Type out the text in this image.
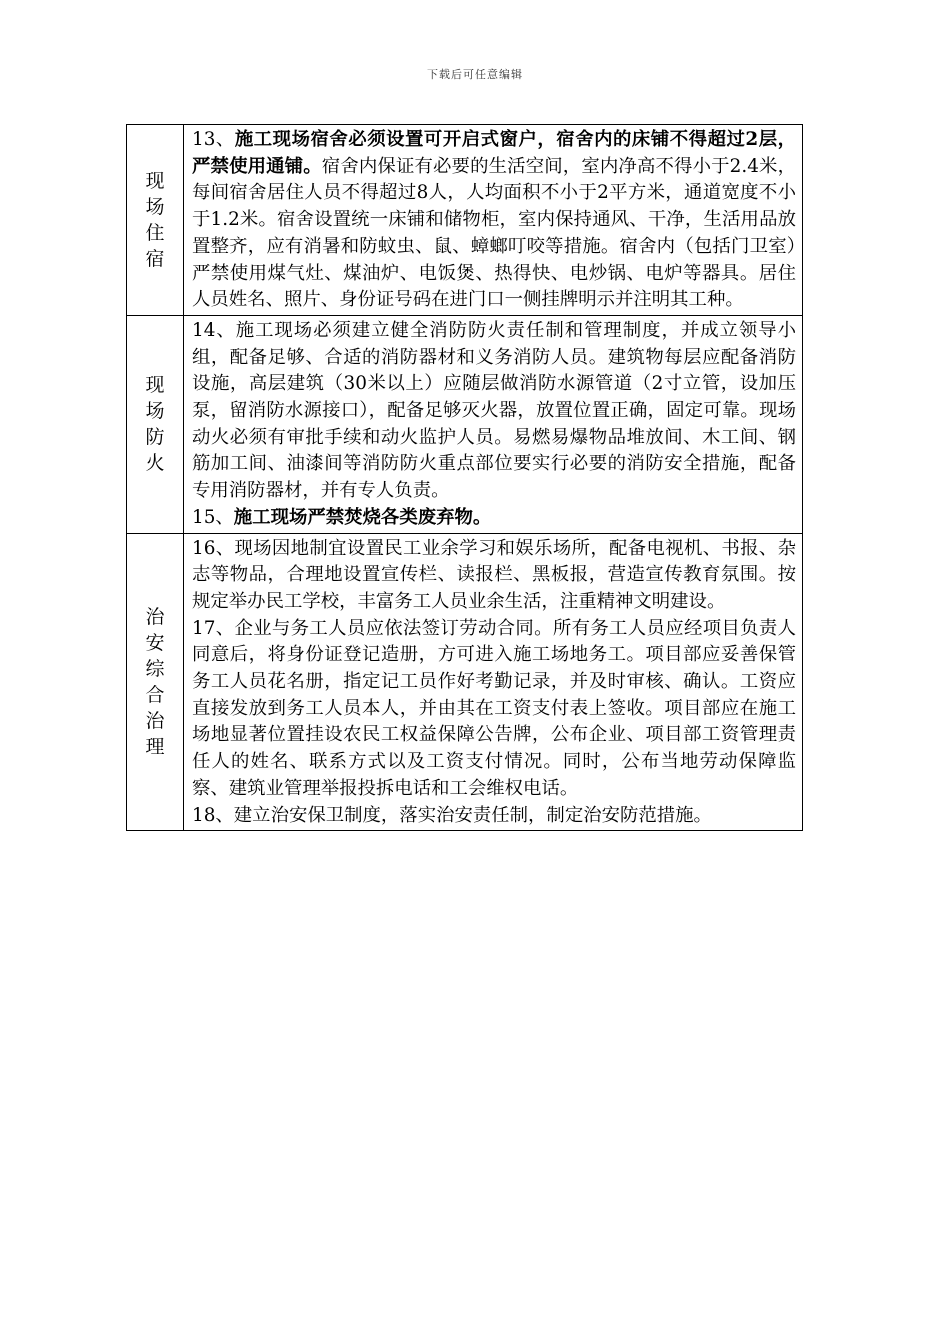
下载后可任意编辑
现场住宿	13、施工现场宿舍必须设置可开启式窗户，宿舍内的床铺不得超过2层，严禁使用通铺。宿舍内保证有必要的生活空间，室内净高不得小于2.4米，每间宿舍居住人员不得超过8人，人均面积不小于2平方米，通道宽度不小于1.2米。宿舍设置统一床铺和储物柜，室内保持通风、干净，生活用品放置整齐，应有消暑和防蚊虫、鼠、蟑螂叮咬等措施。宿舍内（包括门卫室）严禁使用煤气灶、煤油炉、电饭煲、热得快、电炒锅、电炉等器具。居住人员姓名、照片、身份证号码在进门口一侧挂牌明示并注明其工种。

现场防火	14、施工现场必须建立健全消防防火责任制和管理制度，并成立领导小组，配备足够、合适的消防器材和义务消防人员。建筑物每层应配备消防设施，高层建筑（30米以上）应随层做消防水源管道（2寸立管，设加压泵，留消防水源接口），配备足够灭火器，放置位置正确，固定可靠。现场动火必须有审批手续和动火监护人员。易燃易爆物品堆放间、木工间、钢筋加工间、油漆间等消防防火重点部位要实行必要的消防安全措施，配备专用消防器材，并有专人负责。

15、施工现场严禁焚烧各类废弃物。

治安综合治理	16、现场因地制宜设置民工业余学习和娱乐场所，配备电视机、书报、杂志等物品，合理地设置宣传栏、读报栏、黑板报，营造宣传教育氛围。按规定举办民工学校，丰富务工人员业余生活，注重精神文明建设。

17、企业与务工人员应依法签订劳动合同。所有务工人员应经项目负责人同意后，将身份证登记造册，方可进入施工场地务工。项目部应妥善保管务工人员花名册，指定记工员作好考勤记录，并及时审核、确认。工资应直接发放到务工人员本人，并由其在工资支付表上签收。项目部应在施工场地显著位置挂设农民工权益保障公告牌，公布企业、项目部工资管理责任人的姓名、联系方式以及工资支付情况。同时，公布当地劳动保障监察、建筑业管理举报投拆电话和工会维权电话。

18、建立治安保卫制度，落实治安责任制，制定治安防范措施。
